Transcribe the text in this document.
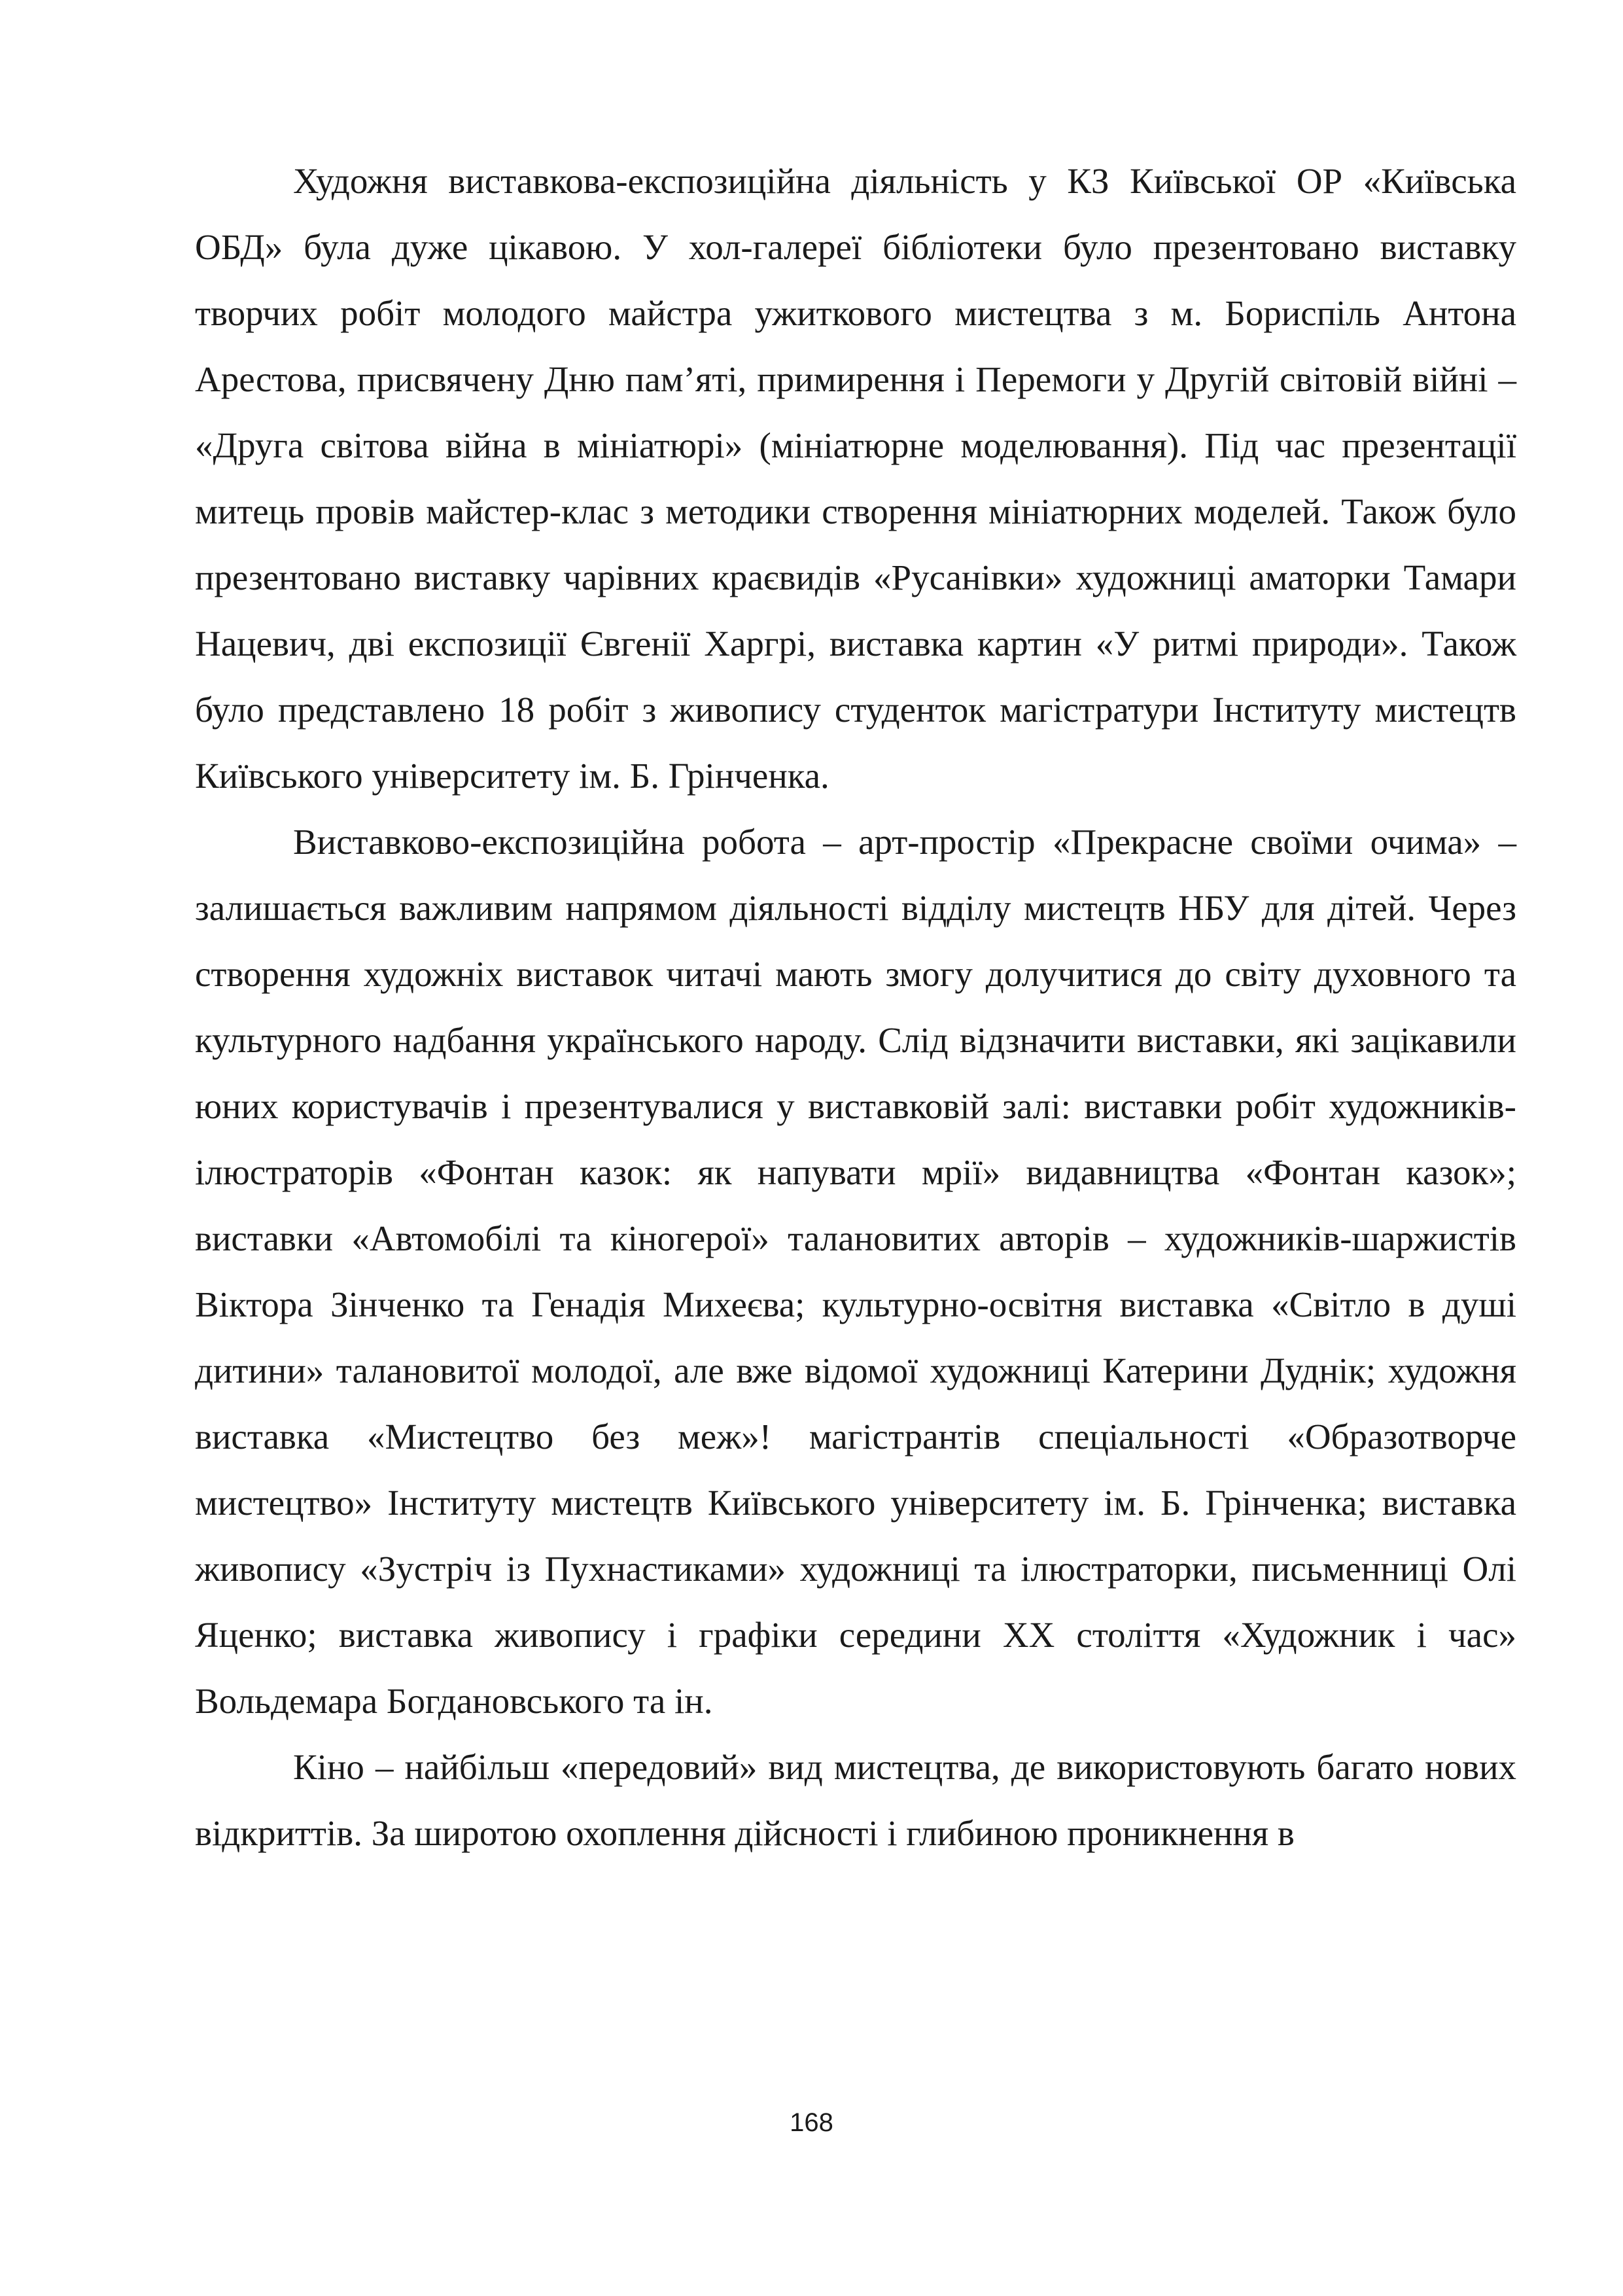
Художня виставкова-експозиційна діяльність у КЗ Київської ОР «Київська ОБД» була дуже цікавою. У хол-галереї бібліотеки було презентовано виставку творчих робіт молодого майстра ужиткового мистецтва з м. Бориспіль Антона Арестова, присвячену Дню пам’яті, примирення і Перемоги у Другій світовій війні – «Друга світова війна в мініатюрі» (мініатюрне моделювання). Під час презентації митець провів майстер-клас з методики створення мініатюрних моделей. Також було презентовано виставку чарівних краєвидів «Русанівки» художниці аматорки Тамари Нацевич, дві експозиції Євгенії Харгрі, виставка картин «У ритмі природи». Також було представлено 18 робіт з живопису студенток магістратури Інституту мистецтв Київського університету ім. Б. Грінченка.

Виставково-експозиційна робота – арт-простір «Прекрасне своїми очима» – залишається важливим напрямом діяльності відділу мистецтв НБУ для дітей. Через створення художніх виставок читачі мають змогу долучитися до світу духовного та культурного надбання українського народу. Слід відзначити виставки, які зацікавили юних користувачів і презентувалися у виставковій залі: виставки робіт художників-ілюстраторів «Фонтан казок: як напувати мрії» видавництва «Фонтан казок»; виставки «Автомобілі та кіногерої» талановитих авторів – художників-шаржистів Віктора Зінченко та Генадія Михеєва; культурно-освітня виставка «Світло в душі дитини» талановитої молодої, але вже відомої художниці Катерини Дуднік; художня виставка «Мистецтво без меж»! магістрантів спеціальності «Образотворче мистецтво» Інституту мистецтв Київського університету ім. Б. Грінченка; виставка живопису «Зустріч із Пухнастиками» художниці та ілюстраторки, письменниці Олі Яценко; виставка живопису і графіки середини XX століття «Художник і час» Вольдемара Богдановського та ін.

Кіно – найбільш «передовий» вид мистецтва, де використовують багато нових відкриттів. За широтою охоплення дійсності і глибиною проникнення в

168
